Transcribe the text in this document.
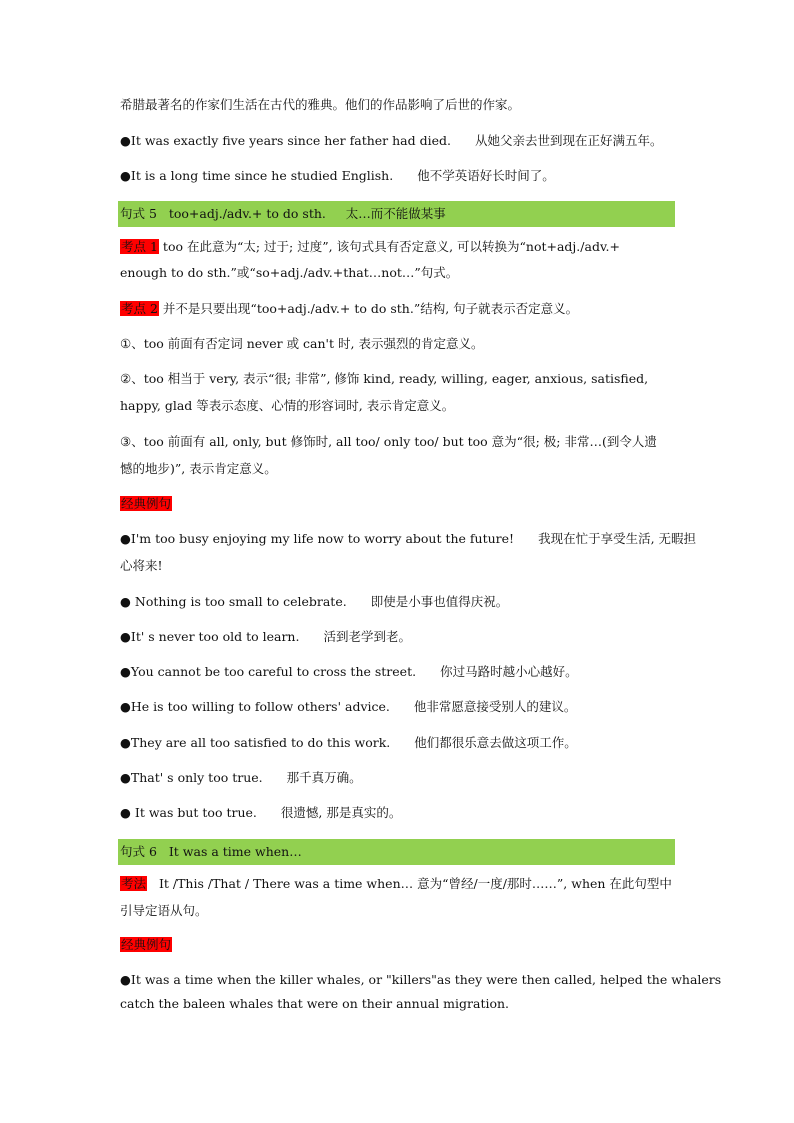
希腊最著名的作家们生活在古代的雅典。他们的作品影响了后世的作家。
●It was exactly five years since her father had died. 从她父亲去世到现在正好满五年。
●It is a long time since he studied English. 他不学英语好长时间了。
句式 5 too+adj./adv.+ to do sth. 太…而不能做某事
考点 1 too 在此意为“太; 过于; 过度”, 该句式具有否定意义, 可以转换为“not+adj./adv.+
enough to do sth.”或“so+adj./adv.+that…not…”句式。
考点 2 并不是只要出现“too+adj./adv.+ to do sth.”结构, 句子就表示否定意义。
①、too 前面有否定词 never 或 can't 时, 表示强烈的肯定意义。
②、too 相当于 very, 表示“很; 非常”, 修饰 kind, ready, willing, eager, anxious, satisfied,
happy, glad 等表示态度、心情的形容词时, 表示肯定意义。
③、too 前面有 all, only, but 修饰时, all too/ only too/ but too 意为“很; 极; 非常…(到令人遗
憾的地步)”, 表示肯定意义。
经典例句
●I'm too busy enjoying my life now to worry about the future! 我现在忙于享受生活, 无暇担
心将来!
● Nothing is too small to celebrate. 即使是小事也值得庆祝。
●It' s never too old to learn. 活到老学到老。
●You cannot be too careful to cross the street. 你过马路时越小心越好。
●He is too willing to follow others' advice. 他非常愿意接受别人的建议。
●They are all too satisfied to do this work. 他们都很乐意去做这项工作。
●That' s only too true. 那千真万确。
● It was but too true. 很遗憾, 那是真实的。
句式 6 It was a time when…
考法 It /This /That / There was a time when… 意为“曾经/一度/那时……”, when 在此句型中
引导定语从句。
经典例句
●It was a time when the killer whales, or "killers"as they were then called, helped the whalers
catch the baleen whales that were on their annual migration.
